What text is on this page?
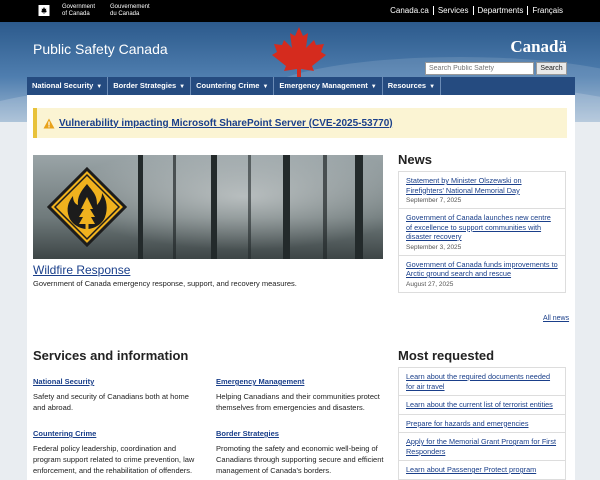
Government
of Canada
Gouvernement
du Canada	Canada.ca	Services	Departments	Français
Public Safety Canada	Canadä
Search Public Safety
Search
National Security ▼	Border Strategies ▼	Countering Crime ▼	Emergency Management ▼	Resources ▼
Vulnerability impacting Microsoft SharePoint Server (CVE-2025-53770)
Wildfire Response
Government of Canada emergency response, support, and recovery measures.
News
Statement by Minister Olszewski on Firefighters' National Memorial Day
September 7, 2025
Government of Canada launches new centre of excellence to support communities with disaster recovery
September 3, 2025
Government of Canada funds improvements to Arctic ground search and rescue
August 27, 2025
All news
Services and information
National Security
Safety and security of Canadians both at home and abroad.
Emergency Management
Helping Canadians and their communities protect themselves from emergencies and disasters.
Countering Crime
Federal policy leadership, coordination and program support related to crime prevention, law enforcement, and the rehabilitation of offenders.
Border Strategies
Promoting the safety and economic well-being of Canadians through supporting secure and efficient management of Canada's borders.
Most requested
Learn about the required documents needed for air travel
Learn about the current list of terrorist entities
Prepare for hazards and emergencies
Apply for the Memorial Grant Program for First Responders
Learn about Passenger Protect program
